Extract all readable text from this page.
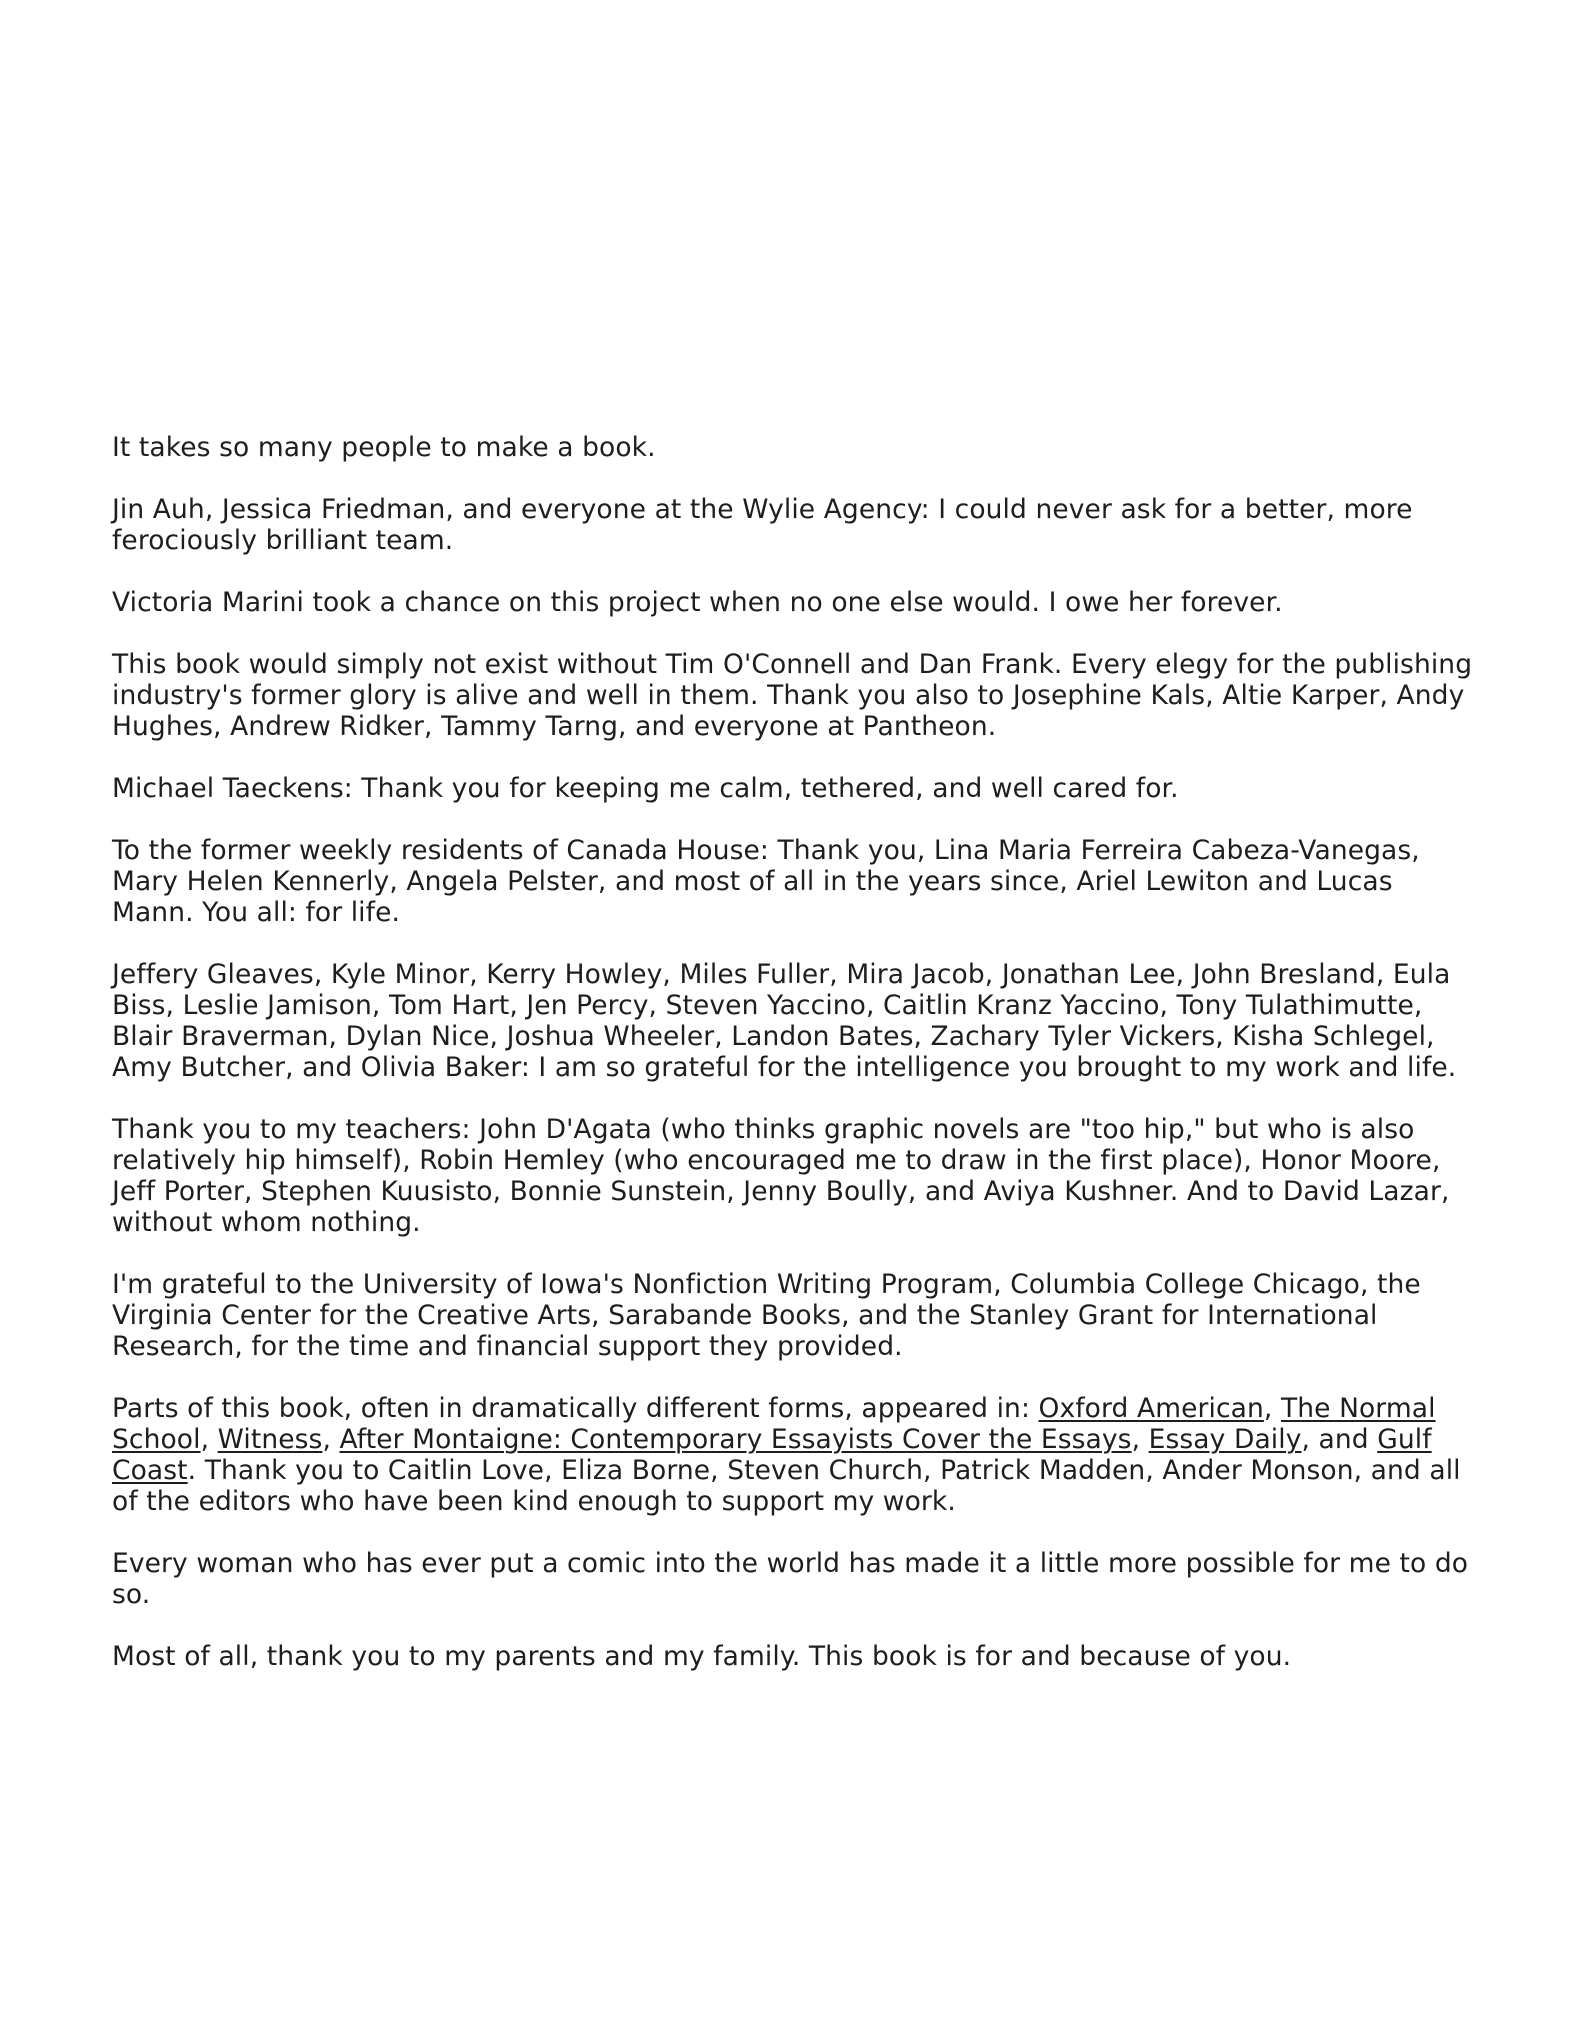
It takes so many people to make a book.

Jin Auh, Jessica Friedman, and everyone at the Wylie Agency: I could never ask for a better, more ferociously brilliant team.

Victoria Marini took a chance on this project when no one else would. I owe her forever.

This book would simply not exist without Tim O'Connell and Dan Frank. Every elegy for the publishing industry's former glory is alive and well in them. Thank you also to Josephine Kals, Altie Karper, Andy Hughes, Andrew Ridker, Tammy Tarng, and everyone at Pantheon.

Michael Taeckens: Thank you for keeping me calm, tethered, and well cared for.

To the former weekly residents of Canada House: Thank you, Lina Maria Ferreira Cabeza-Vanegas, Mary Helen Kennerly, Angela Pelster, and most of all in the years since, Ariel Lewiton and Lucas Mann. You all: for life.

Jeffery Gleaves, Kyle Minor, Kerry Howley, Miles Fuller, Mira Jacob, Jonathan Lee, John Bresland, Eula Biss, Leslie Jamison, Tom Hart, Jen Percy, Steven Yaccino, Caitlin Kranz Yaccino, Tony Tulathimutte, Blair Braverman, Dylan Nice, Joshua Wheeler, Landon Bates, Zachary Tyler Vickers, Kisha Schlegel, Amy Butcher, and Olivia Baker: I am so grateful for the intelligence you brought to my work and life.

Thank you to my teachers: John D'Agata (who thinks graphic novels are "too hip," but who is also relatively hip himself), Robin Hemley (who encouraged me to draw in the first place), Honor Moore, Jeff Porter, Stephen Kuusisto, Bonnie Sunstein, Jenny Boully, and Aviya Kushner. And to David Lazar, without whom nothing.

I'm grateful to the University of Iowa's Nonfiction Writing Program, Columbia College Chicago, the Virginia Center for the Creative Arts, Sarabande Books, and the Stanley Grant for International Research, for the time and financial support they provided.

Parts of this book, often in dramatically different forms, appeared in: Oxford American, The Normal School, Witness, After Montaigne: Contemporary Essayists Cover the Essays, Essay Daily, and Gulf Coast. Thank you to Caitlin Love, Eliza Borne, Steven Church, Patrick Madden, Ander Monson, and all of the editors who have been kind enough to support my work.

Every woman who has ever put a comic into the world has made it a little more possible for me to do so.

Most of all, thank you to my parents and my family. This book is for and because of you.
